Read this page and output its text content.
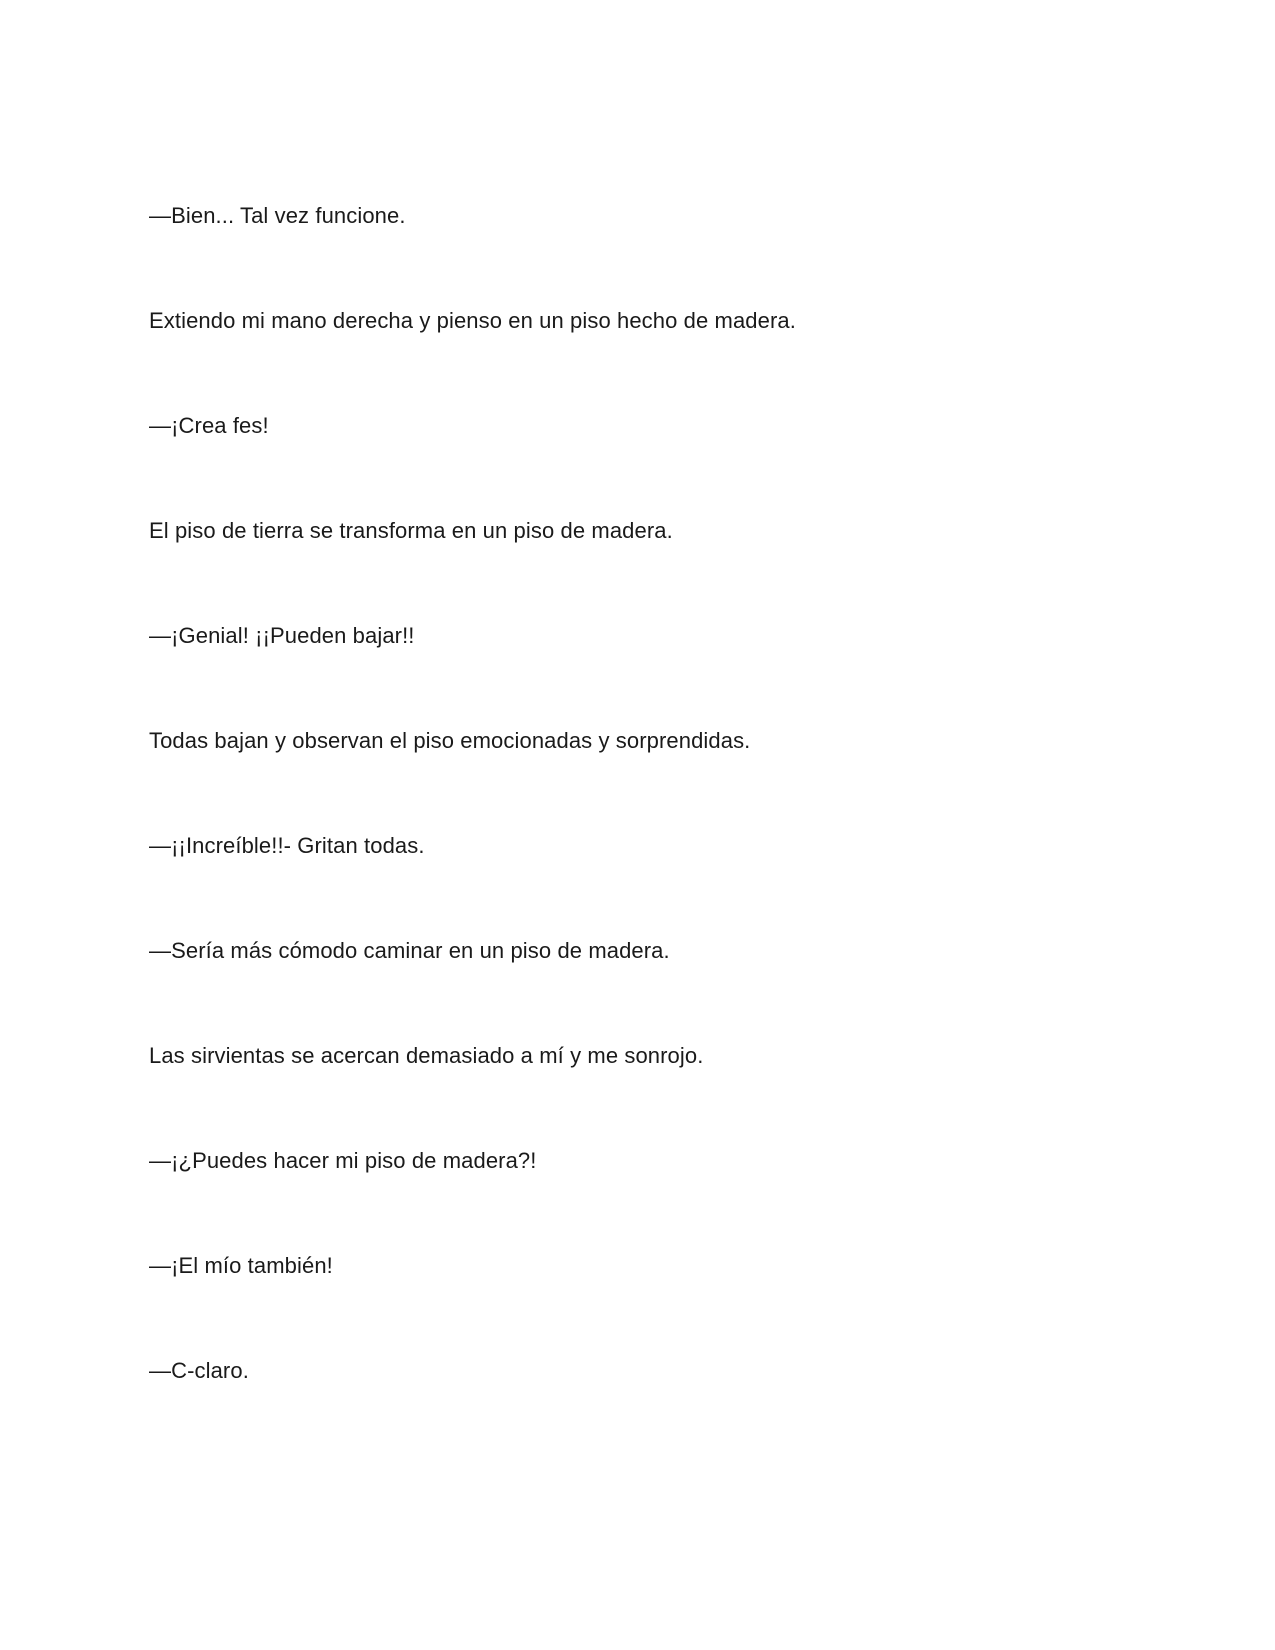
—Bien... Tal vez funcione.

Extiendo mi mano derecha y pienso en un piso hecho de madera.

—¡Crea fes!

El piso de tierra se transforma en un piso de madera.

—¡Genial! ¡¡Pueden bajar!!

Todas bajan y observan el piso emocionadas y sorprendidas.

—¡¡Increíble!!- Gritan todas.

—Sería más cómodo caminar en un piso de madera.

Las sirvientas se acercan demasiado a mí y me sonrojo.

—¡¿Puedes hacer mi piso de madera?!

—¡El mío también!

—C-claro.
